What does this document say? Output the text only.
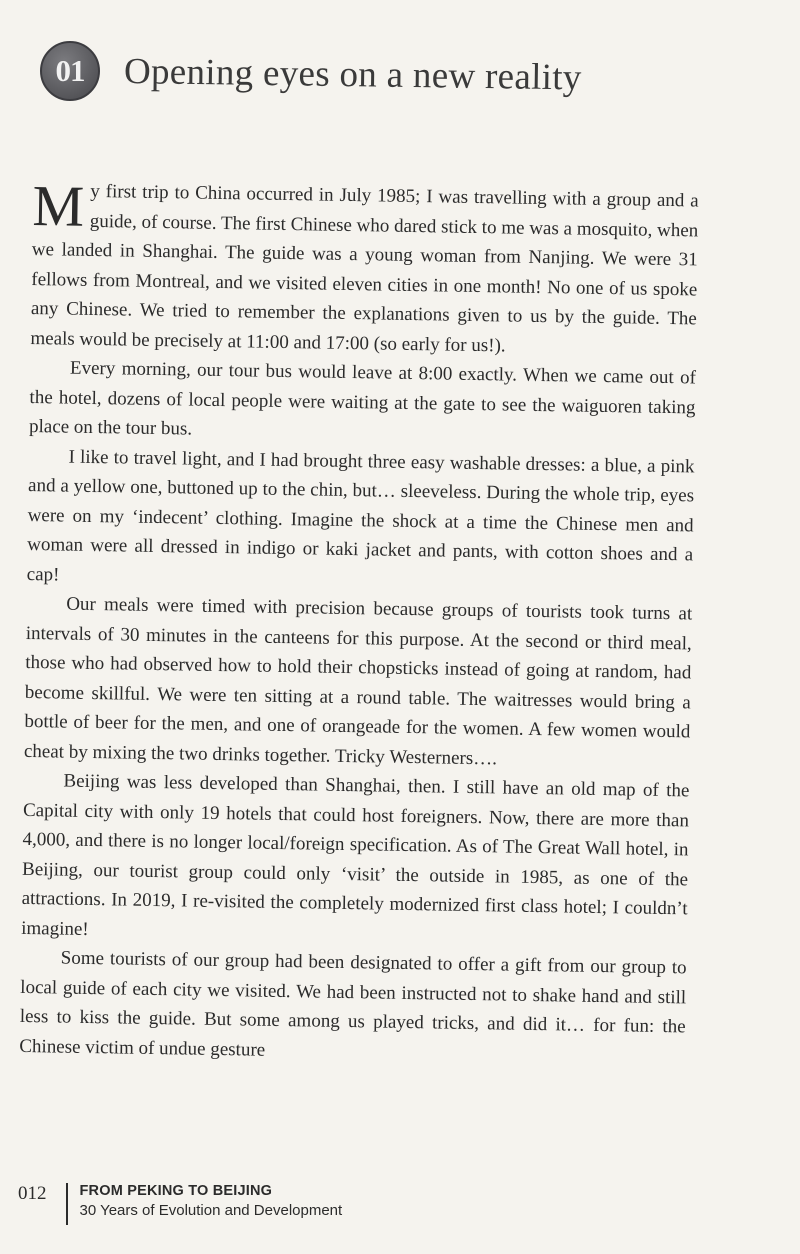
01	Opening eyes on a new reality

My first trip to China occurred in July 1985; I was travelling with a group and a guide, of course. The first Chinese who dared stick to me was a mosquito, when we landed in Shanghai. The guide was a young woman from Nanjing. We were 31 fellows from Montreal, and we visited eleven cities in one month! No one of us spoke any Chinese. We tried to remember the explanations given to us by the guide. The meals would be precisely at 11:00 and 17:00 (so early for us!).

Every morning, our tour bus would leave at 8:00 exactly. When we came out of the hotel, dozens of local people were waiting at the gate to see the waiguoren taking place on the tour bus.

I like to travel light, and I had brought three easy washable dresses: a blue, a pink and a yellow one, buttoned up to the chin, but… sleeveless. During the whole trip, eyes were on my ‘indecent’ clothing. Imagine the shock at a time the Chinese men and woman were all dressed in indigo or kaki jacket and pants, with cotton shoes and a cap!

Our meals were timed with precision because groups of tourists took turns at intervals of 30 minutes in the canteens for this purpose. At the second or third meal, those who had observed how to hold their chopsticks instead of going at random, had become skillful. We were ten sitting at a round table. The waitresses would bring a bottle of beer for the men, and one of orangeade for the women. A few women would cheat by mixing the two drinks together. Tricky Westerners….

Beijing was less developed than Shanghai, then. I still have an old map of the Capital city with only 19 hotels that could host foreigners. Now, there are more than 4,000, and there is no longer local/foreign specification. As of The Great Wall hotel, in Beijing, our tourist group could only ‘visit’ the outside in 1985, as one of the attractions. In 2019, I re-visited the completely modernized first class hotel; I couldn’t imagine!

Some tourists of our group had been designated to offer a gift from our group to local guide of each city we visited. We had been instructed not to shake hand and still less to kiss the guide. But some among us played tricks, and did it… for fun: the Chinese victim of undue gesture

012	FROM PEKING TO BEIJING
30 Years of Evolution and Development
